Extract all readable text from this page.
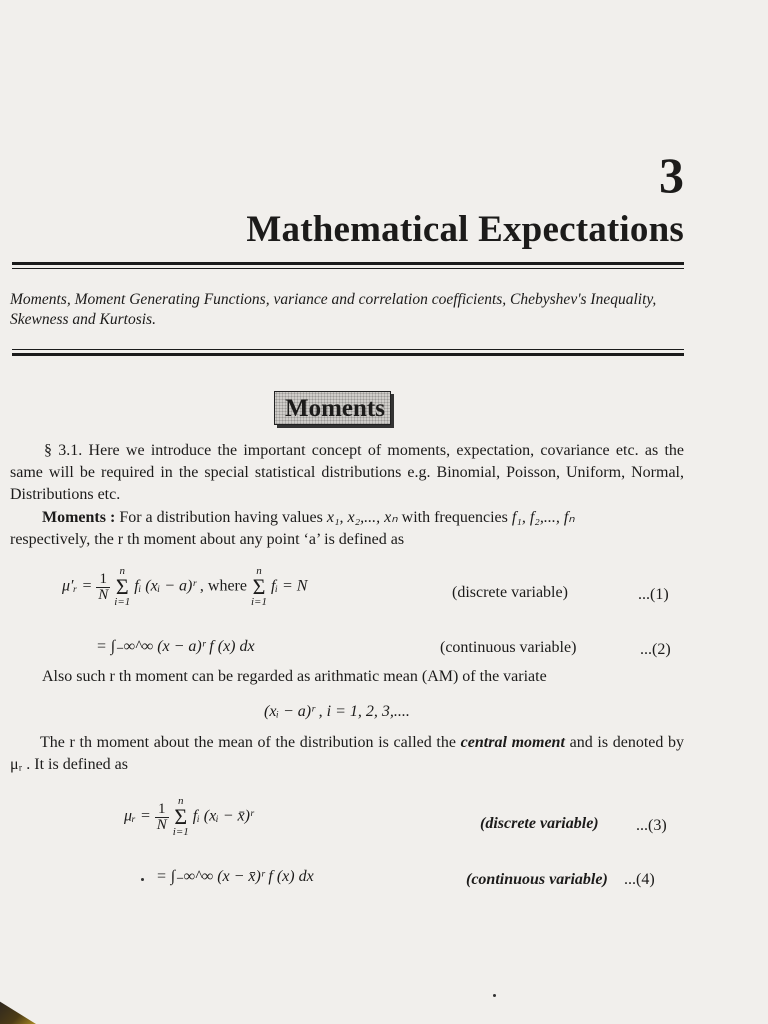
3
Mathematical Expectations
Moments, Moment Generating Functions, variance and correlation coefficients, Chebyshev's Inequality, Skewness and Kurtosis.
Moments
§ 3.1. Here we introduce the important concept of moments, expectation, covariance etc. as the same will be required in the special statistical distributions e.g. Binomial, Poisson, Uniform, Normal, Distributions etc.
Moments : For a distribution having values x₁, x₂,..., xₙ with frequencies f₁, f₂,..., fₙ
respectively, the r th moment about any point ‘a’ is defined as
μ′ᵣ = $\frac{1}{N}$

n
Σ
i=1
fᵢ (xᵢ − a)ʳ , where
n
Σ
i=1
fᵢ = N	(discrete variable)	...(1)
= ∫₋∞^∞ (x − a)ʳ f (x) dx	(continuous variable)	...(2)
Also such r th moment can be regarded as arithmatic mean (AM) of the variate
(xᵢ − a)ʳ , i = 1, 2, 3,....
The r th moment about the mean of the distribution is called the central moment and is denoted by μᵣ . It is defined as
μᵣ = $\frac{1}{N}$

n
Σ
i=1
fᵢ (xᵢ − x̄)ʳ	(discrete variable) ...(3)
= ∫₋∞^∞ (x − x̄)ʳ f (x) dx	(continuous variable) ...(4)
